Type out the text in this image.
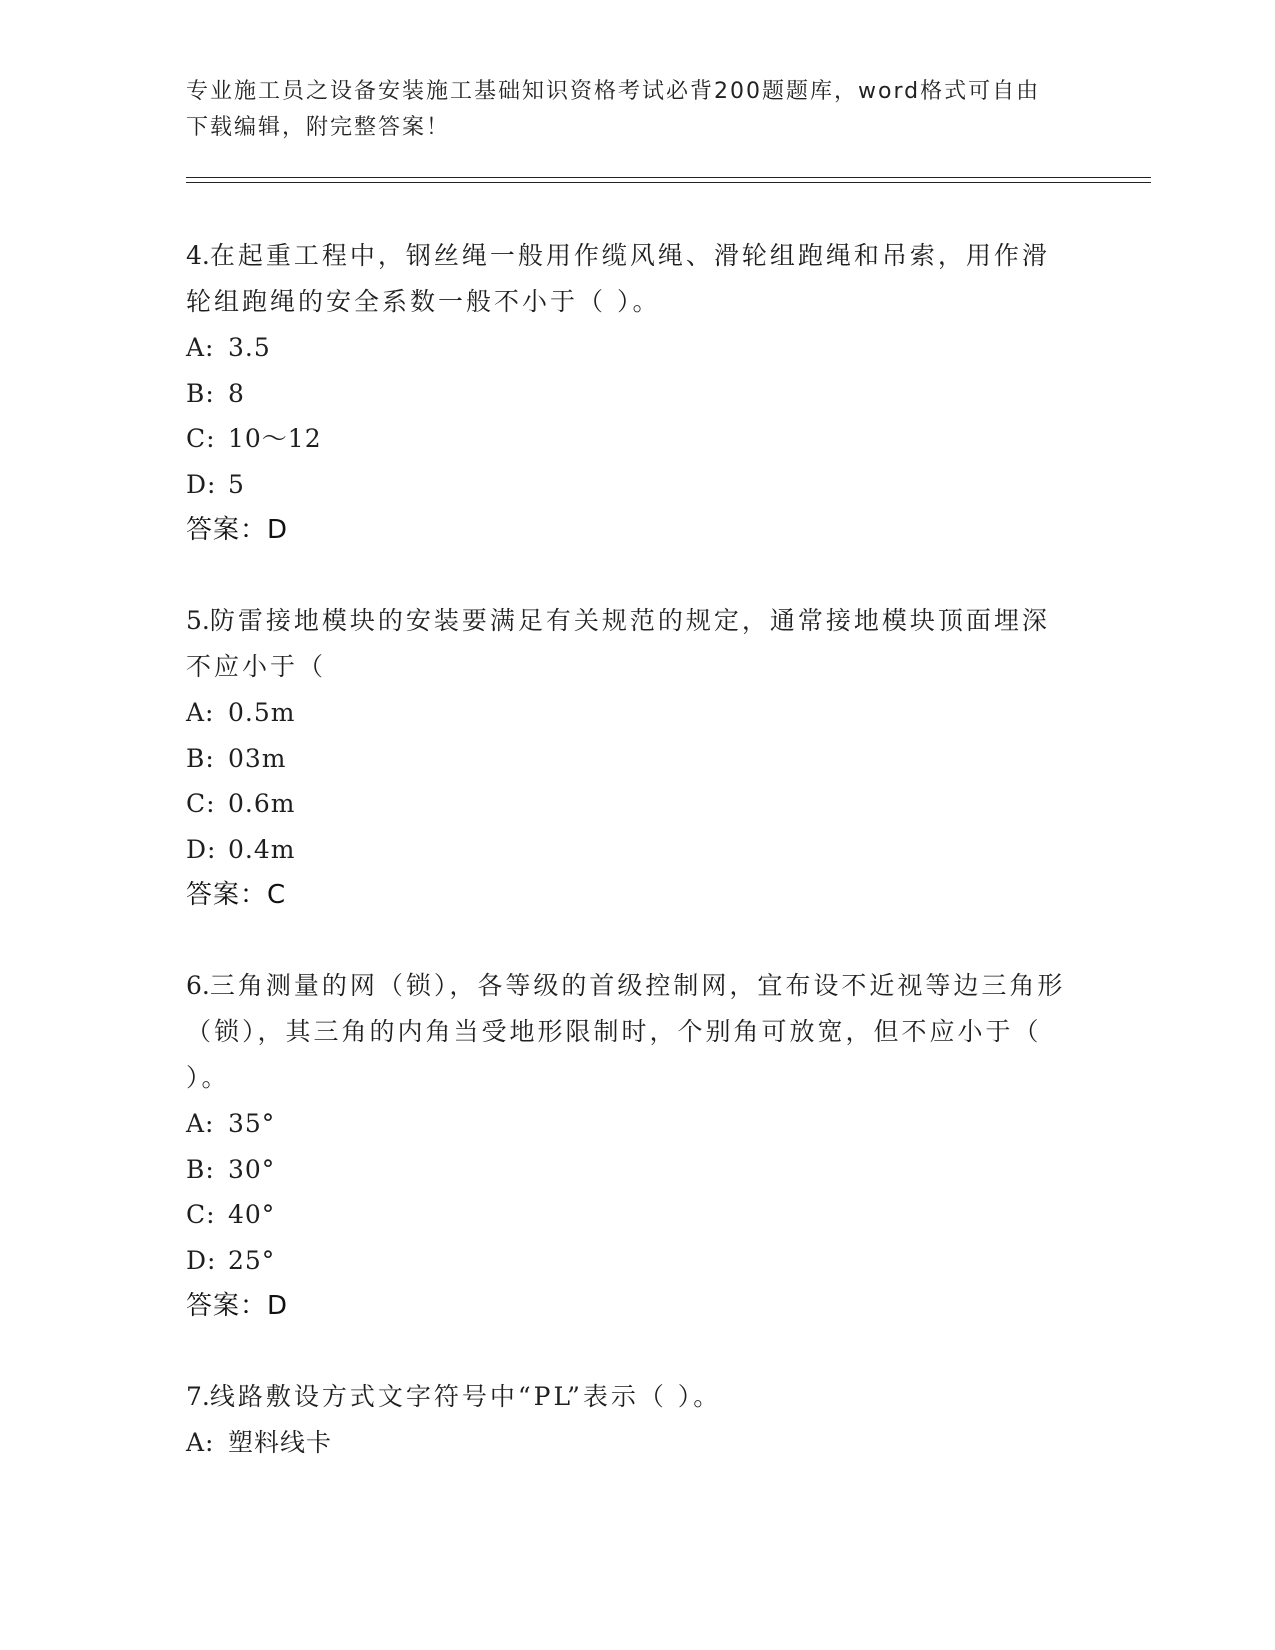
专业施工员之设备安装施工基础知识资格考试必背200题题库，word格式可自由
下载编辑，附完整答案！
4.在起重工程中，钢丝绳一般用作缆风绳、滑轮组跑绳和吊索，用作滑轮组跑绳的安全系数一般不小于（ ）。
A: 3.5
B: 8
C: 10～12
D: 5
答案：D
5.防雷接地模块的安装要满足有关规范的规定，通常接地模块顶面埋深不应小于（
A: 0.5m
B: 03m
C: 0.6m
D: 0.4m
答案：C
6.三角测量的网（锁），各等级的首级控制网，宜布设不近视等边三角形（锁），其三角的内角当受地形限制时，个别角可放宽，但不应小于（ ）。
A: 35°
B: 30°
C: 40°
D: 25°
答案：D
7.线路敷设方式文字符号中“PL”表示（ ）。
A: 塑料线卡
